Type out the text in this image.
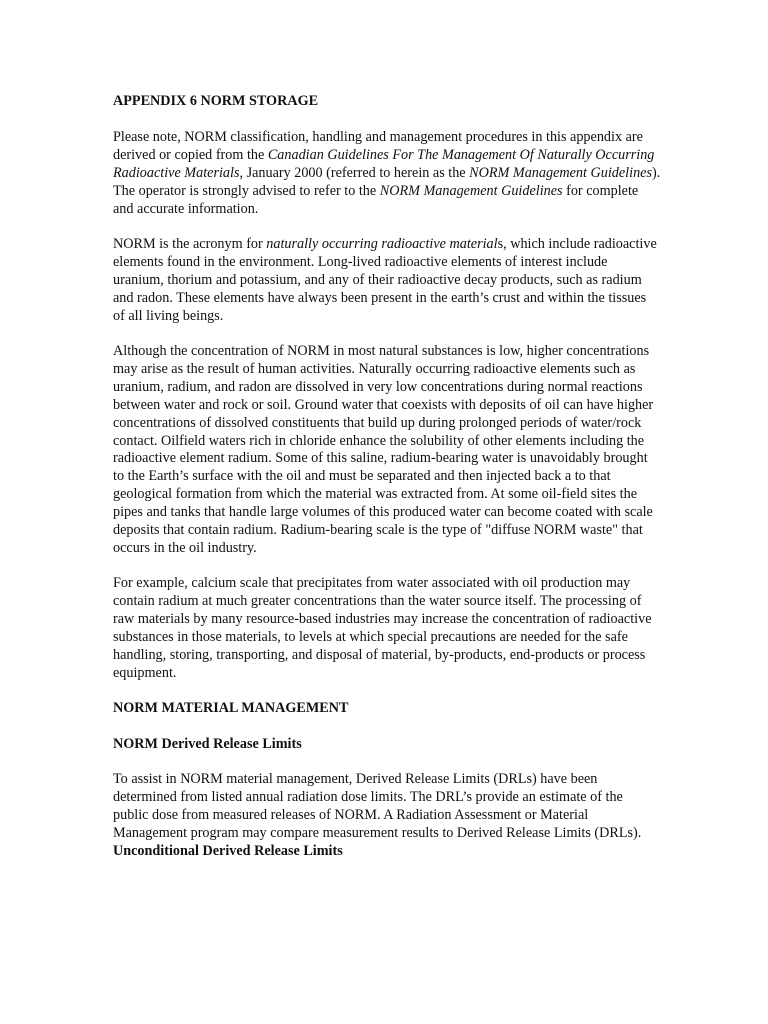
APPENDIX 6 NORM STORAGE

Please note, NORM classification, handling and management procedures in this appendix are derived or copied from the Canadian Guidelines For The Management Of Naturally Occurring Radioactive Materials, January 2000 (referred to herein as the NORM Management Guidelines). The operator is strongly advised to refer to the NORM Management Guidelines for complete and accurate information.

NORM is the acronym for naturally occurring radioactive materials, which include radioactive elements found in the environment. Long-lived radioactive elements of interest include uranium, thorium and potassium, and any of their radioactive decay products, such as radium and radon. These elements have always been present in the earth’s crust and within the tissues of all living beings.

Although the concentration of NORM in most natural substances is low, higher concentrations may arise as the result of human activities. Naturally occurring radioactive elements such as uranium, radium, and radon are dissolved in very low concentrations during normal reactions between water and rock or soil. Ground water that coexists with deposits of oil can have higher concentrations of dissolved constituents that build up during prolonged periods of water/rock contact. Oilfield waters rich in chloride enhance the solubility of other elements including the radioactive element radium. Some of this saline, radium-bearing water is unavoidably brought to the Earth’s surface with the oil and must be separated and then injected back a to that geological formation from which the material was extracted from. At some oil-field sites the pipes and tanks that handle large volumes of this produced water can become coated with scale deposits that contain radium. Radium-bearing scale is the type of "diffuse NORM waste" that occurs in the oil industry.

For example, calcium scale that precipitates from water associated with oil production may contain radium at much greater concentrations than the water source itself. The processing of raw materials by many resource-based industries may increase the concentration of radioactive substances in those materials, to levels at which special precautions are needed for the safe handling, storing, transporting, and disposal of material, by-products, end-products or process equipment.

NORM MATERIAL MANAGEMENT

NORM Derived Release Limits

To assist in NORM material management, Derived Release Limits (DRLs) have been determined from listed annual radiation dose limits. The DRL’s provide an estimate of the public dose from measured releases of NORM. A Radiation Assessment or Material Management program may compare measurement results to Derived Release Limits (DRLs).

Unconditional Derived Release Limits
